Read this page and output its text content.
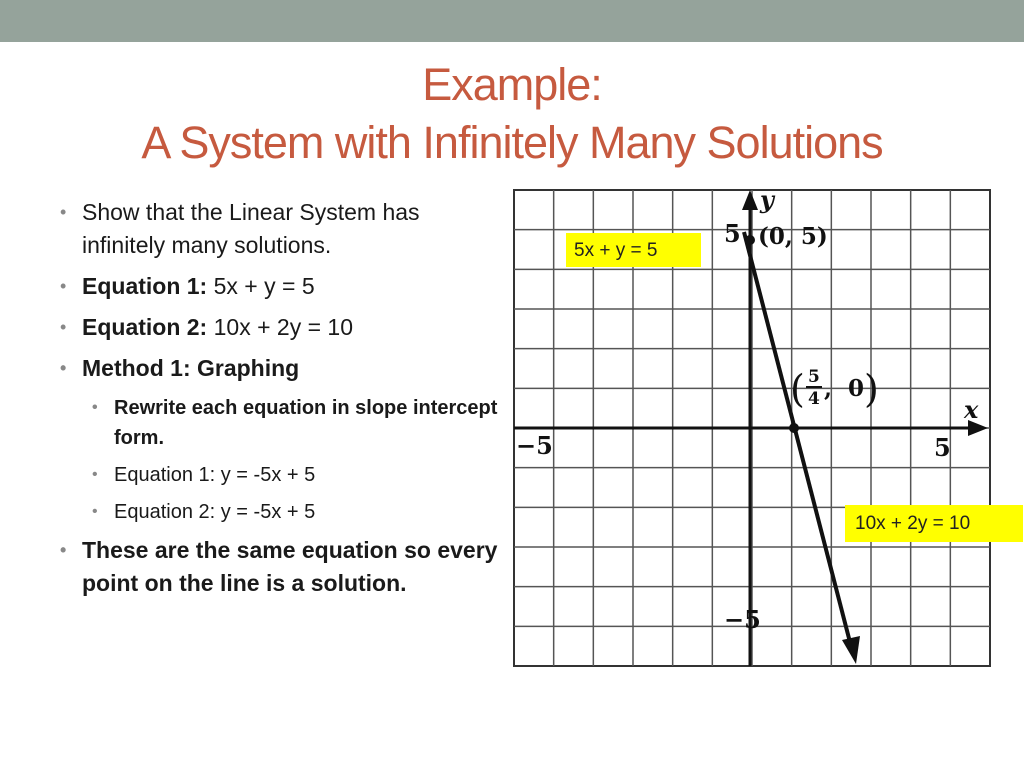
Example:
A System with Infinitely Many Solutions
• Show that the Linear System has infinitely many solutions.
• Equation 1: 5x + y = 5
• Equation 2: 10x + 2y = 10
• Method 1: Graphing
• Rewrite each equation in slope intercept form.
• Equation 1: y = -5x + 5
• Equation 2: y = -5x + 5
• These are the same equation so every point on the line is a solution.
x
y
−5	5
5
−5
(0, 5)
( 5
4 , 0 )
5x + y = 5
10x + 2y = 10
